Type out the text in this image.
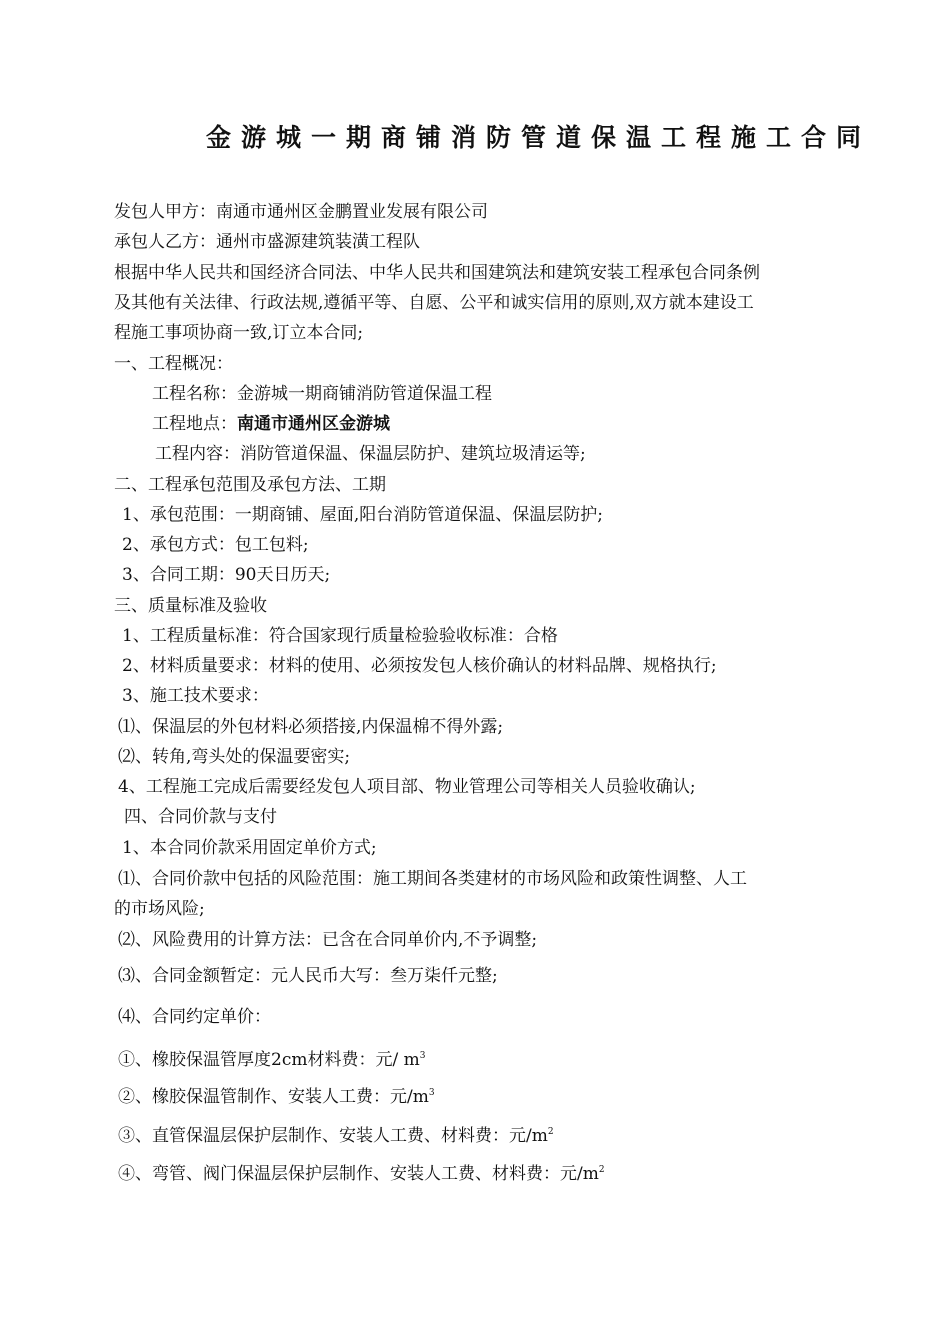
金游城一期商铺消防管道保温工程施工合同
发包人甲方：南通市通州区金鹏置业发展有限公司
承包人乙方：通州市盛源建筑装潢工程队
根据中华人民共和国经济合同法、中华人民共和国建筑法和建筑安装工程承包合同条例
及其他有关法律、行政法规,遵循平等、自愿、公平和诚实信用的原则,双方就本建设工
程施工事项协商一致,订立本合同;
一、工程概况：
工程名称：金游城一期商铺消防管道保温工程
工程地点：南通市通州区金游城
工程内容：消防管道保温、保温层防护、建筑垃圾清运等;
二、工程承包范围及承包方法、工期
1、承包范围：一期商铺、屋面,阳台消防管道保温、保温层防护;
2、承包方式：包工包料;
3、合同工期：90天日历天;
三、质量标准及验收
1、工程质量标准：符合国家现行质量检验验收标准：合格
2、材料质量要求：材料的使用、必须按发包人核价确认的材料品牌、规格执行;
3、施工技术要求：
⑴、保温层的外包材料必须搭接,内保温棉不得外露;
⑵、转角,弯头处的保温要密实;
4、工程施工完成后需要经发包人项目部、物业管理公司等相关人员验收确认;
四、合同价款与支付
1、本合同价款采用固定单价方式;
⑴、合同价款中包括的风险范围：施工期间各类建材的市场风险和政策性调整、人工
的市场风险;
⑵、风险费用的计算方法：已含在合同单价内,不予调整;
⑶、合同金额暂定：元人民币大写：叁万柒仟元整;
⑷、合同约定单价：
①、橡胶保温管厚度2cm材料费：元/ $m^3$
②、橡胶保温管制作、安装人工费：元$/m^3$
③、直管保温层保护层制作、安装人工费、材料费：元$/m^2$
④、弯管、阀门保温层保护层制作、安装人工费、材料费：元$/m^2$
